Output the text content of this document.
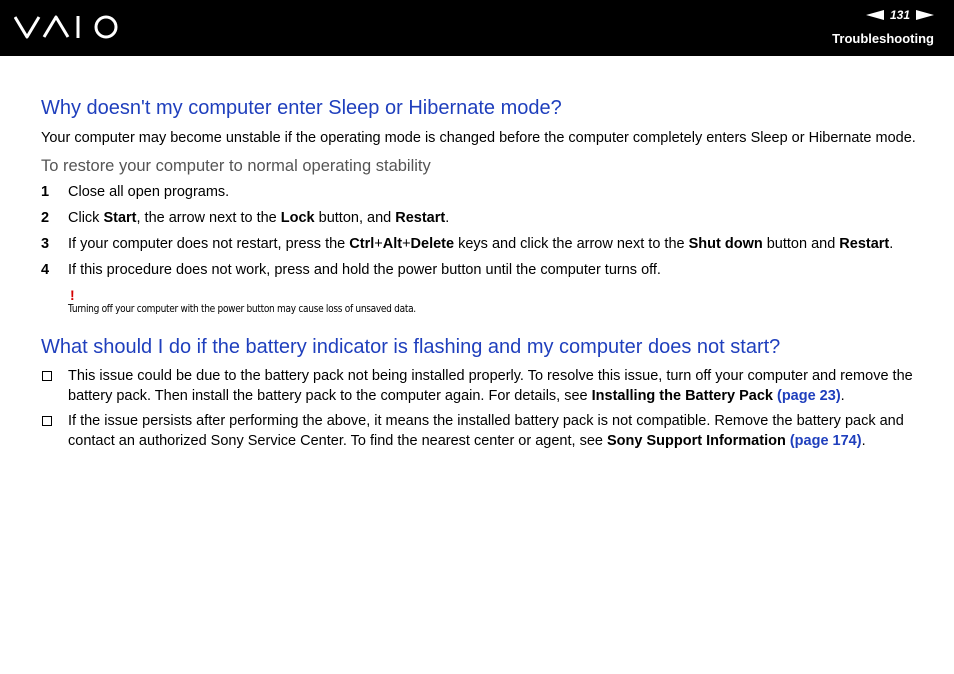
131
Troubleshooting
Why doesn't my computer enter Sleep or Hibernate mode?

Your computer may become unstable if the operating mode is changed before the computer completely enters Sleep or Hibernate mode.

To restore your computer to normal operating stability

1 Close all open programs.
2 Click Start, the arrow next to the Lock button, and Restart.
3 If your computer does not restart, press the Ctrl+Alt+Delete keys and click the arrow next to the Shut down button and Restart.
4 If this procedure does not work, press and hold the power button until the computer turns off.
!
Turning off your computer with the power button may cause loss of unsaved data.
What should I do if the battery indicator is flashing and my computer does not start?
This issue could be due to the battery pack not being installed properly. To resolve this issue, turn off your computer and remove the battery pack. Then install the battery pack to the computer again. For details, see Installing the Battery Pack (page 23).
If the issue persists after performing the above, it means the installed battery pack is not compatible. Remove the battery pack and contact an authorized Sony Service Center. To find the nearest center or agent, see Sony Support Information (page 174).
